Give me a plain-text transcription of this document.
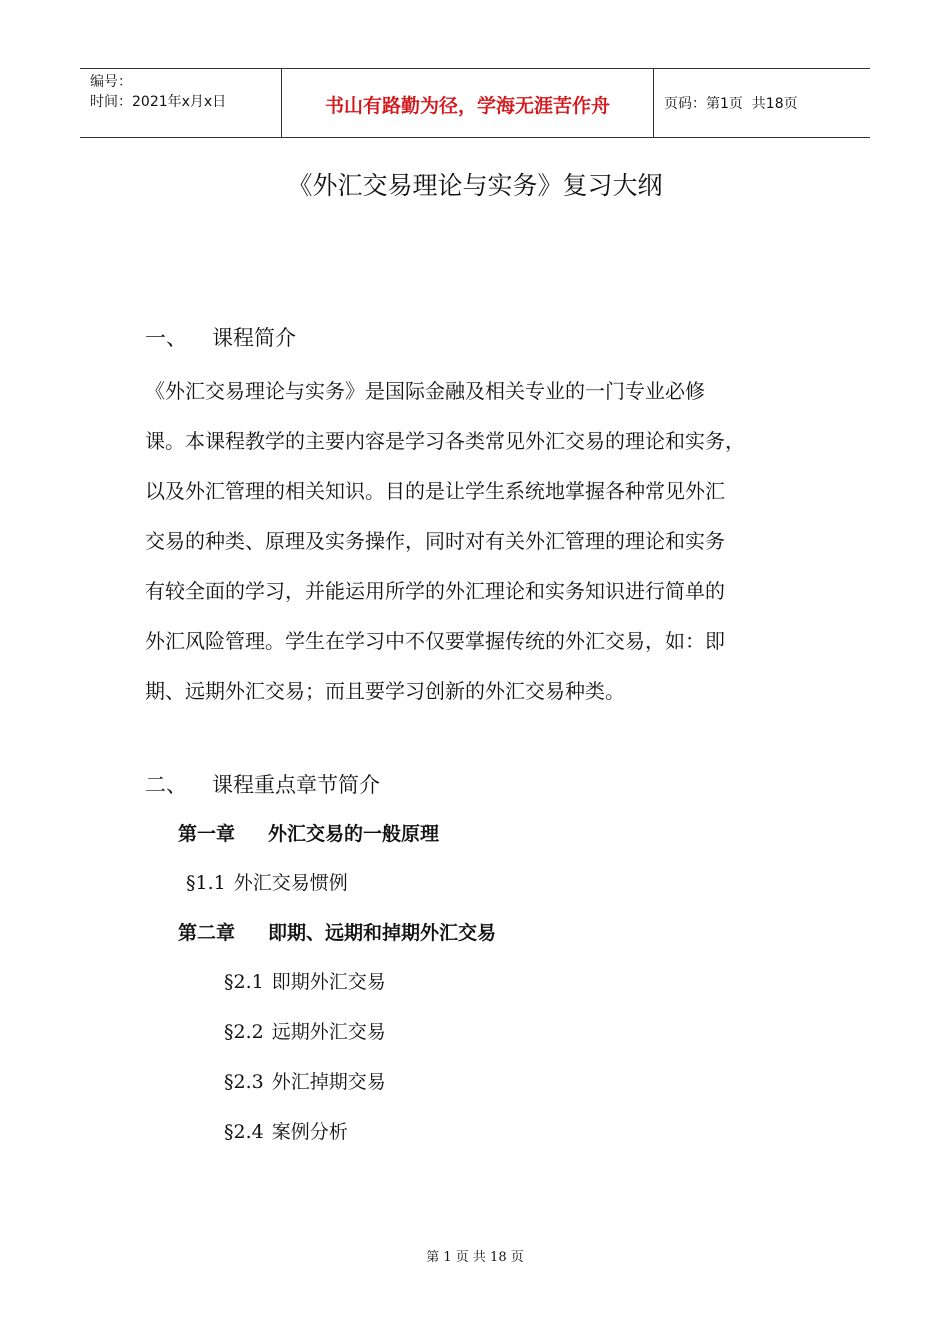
编号：
时间：2021年x月x日	书山有路勤为径，学海无涯苦作舟	页码：第1页  共18页
《外汇交易理论与实务》复习大纲
一、 课程简介
《外汇交易理论与实务》是国际金融及相关专业的一门专业必修
课。本课程教学的主要内容是学习各类常见外汇交易的理论和实务，
以及外汇管理的相关知识。目的是让学生系统地掌握各种常见外汇
交易的种类、原理及实务操作，同时对有关外汇管理的理论和实务
有较全面的学习，并能运用所学的外汇理论和实务知识进行简单的
外汇风险管理。学生在学习中不仅要掌握传统的外汇交易，如：即
期、远期外汇交易；而且要学习创新的外汇交易种类。
二、 课程重点章节简介
第一章 外汇交易的一般原理
§1.1 外汇交易惯例
第二章 即期、远期和掉期外汇交易
§2.1 即期外汇交易
§2.2 远期外汇交易
§2.3 外汇掉期交易
§2.4 案例分析
第 1 页 共 18 页
